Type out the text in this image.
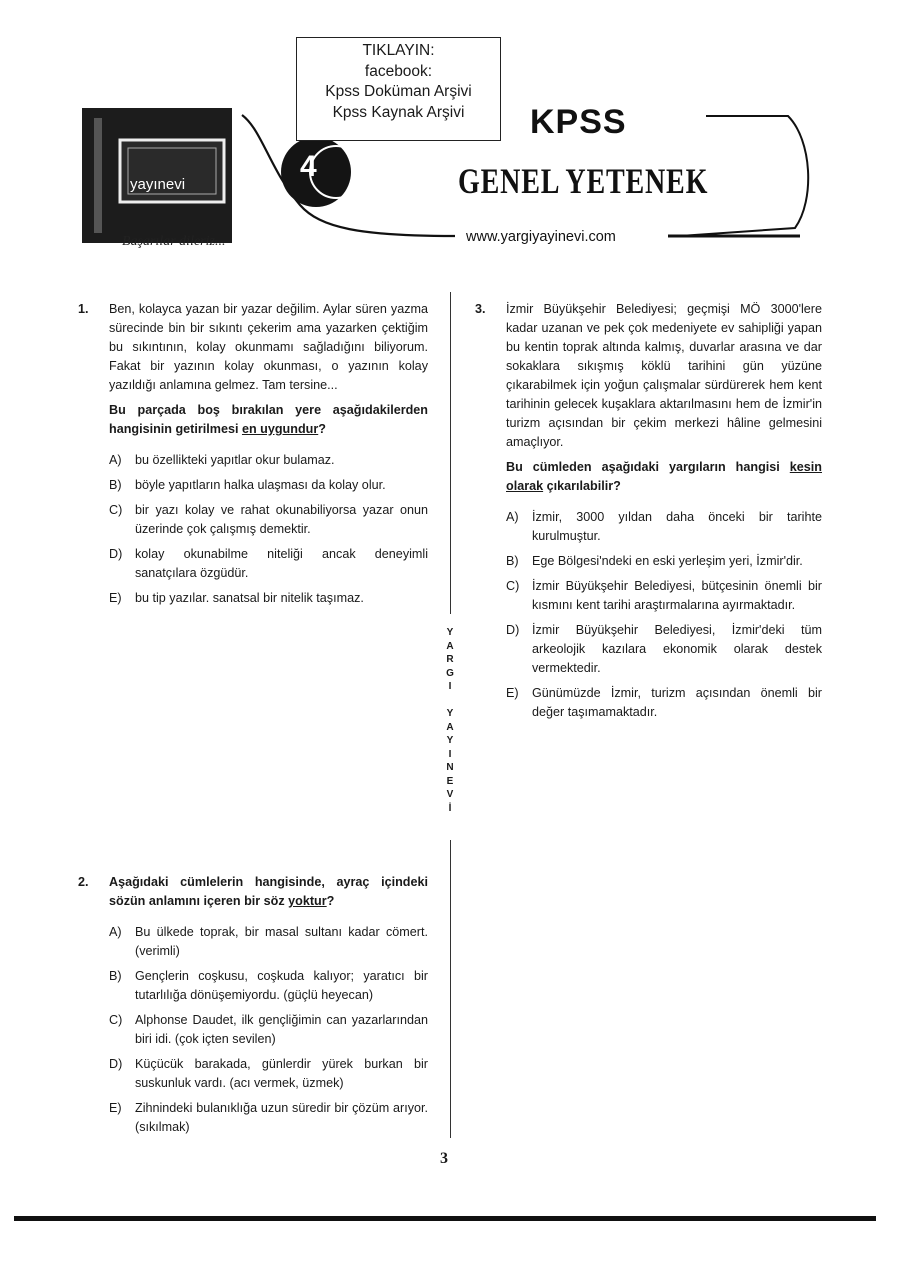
yayınevi
4
TIKLAYIN:
facebook:
Kpss Doküman Arşivi
Kpss Kaynak Arşivi
Başarılar dileriz...
KPSS
GENEL YETENEK
www.yargiyayinevi.com
1. Ben, kolayca yazan bir yazar değilim. Aylar süren yazma sürecinde bin bir sıkıntı çekerim ama yazarken çektiğim bu sıkıntının, kolay okunmamı sağladığını biliyorum. Fakat bir yazının kolay okunması, o yazının kolay yazıldığı anlamına gelmez. Tam tersine...

Bu parçada boş bırakılan yere aşağıdakilerden hangisinin getirilmesi en uygundur?

A) bu özellikteki yapıtlar okur bulamaz.
B) böyle yapıtların halka ulaşması da kolay olur.
C) bir yazı kolay ve rahat okunabiliyorsa yazar onun üzerinde çok çalışmış demektir.
D) kolay okunabilme niteliği ancak deneyimli sanatçılara özgüdür.
E) bu tip yazılar. sanatsal bir nitelik taşımaz.
2. Aşağıdaki cümlelerin hangisinde, ayraç içindeki sözün anlamını içeren bir söz yoktur?

A) Bu ülkede toprak, bir masal sultanı kadar cömert. (verimli)
B) Gençlerin coşkusu, coşkuda kalıyor; yaratıcı bir tutarlılığa dönüşemiyordu. (güçlü heyecan)
C) Alphonse Daudet, ilk gençliğimin can yazarlarından biri idi. (çok içten sevilen)
D) Küçücük barakada, günlerdir yürek burkan bir suskunluk vardı. (acı vermek, üzmek)
E) Zihnindeki bulanıklığa uzun süredir bir çözüm arıyor. (sıkılmak)
3. İzmir Büyükşehir Belediyesi; geçmişi MÖ 3000'lere kadar uzanan ve pek çok medeniyete ev sahipliği yapan bu kentin toprak altında kalmış, duvarlar arasına ve dar sokaklara sıkışmış köklü tarihini gün yüzüne çıkarabilmek için yoğun çalışmalar sürdürerek hem kent tarihinin gelecek kuşaklara aktarılmasını hem de İzmir'in turizm açısından bir çekim merkezi hâline gelmesini amaçlıyor.

Bu cümleden aşağıdaki yargıların hangisi kesin olarak çıkarılabilir?

A) İzmir, 3000 yıldan daha önceki bir tarihte kurulmuştur.
B) Ege Bölgesi'ndeki en eski yerleşim yeri, İzmir'dir.
C) İzmir Büyükşehir Belediyesi, bütçesinin önemli bir kısmını kent tarihi araştırmalarına ayırmaktadır.
D) İzmir Büyükşehir Belediyesi, İzmir'deki tüm arkeolojik kazılara ekonomik olarak destek vermektedir.
E) Günümüzde İzmir, turizm açısından önemli bir değer taşımamaktadır.
Y
A
R
G
I
Y
A
Y
I
N
E
V
İ
3
